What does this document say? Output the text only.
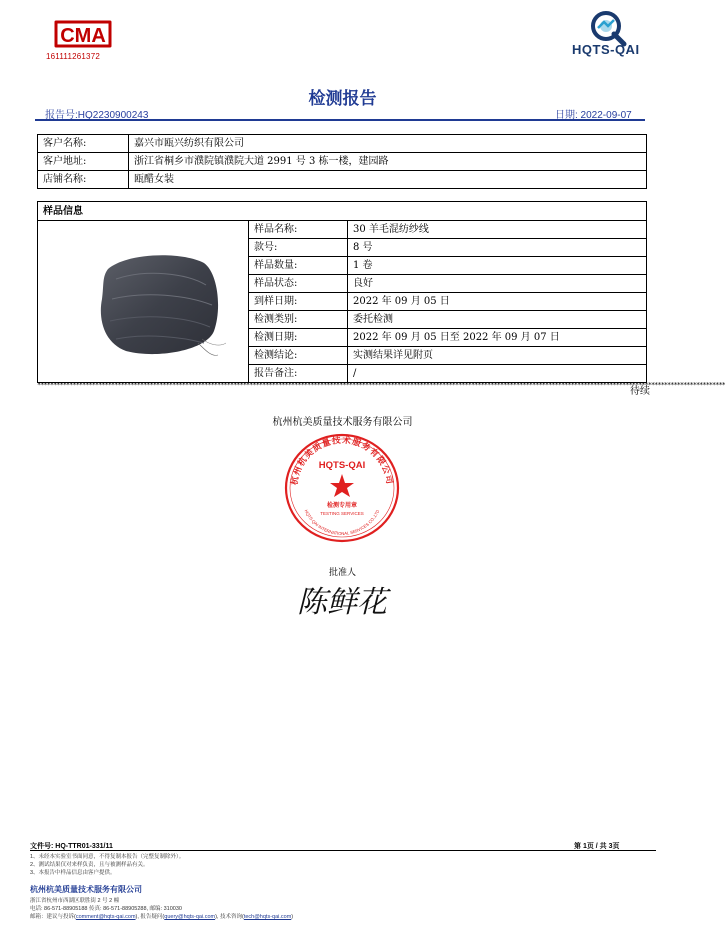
CMA
161111261372	HQTS-QAI
检测报告
报告号:HQ2230900243	日期: 2022-09-07
客户名称:	嘉兴市瓯兴纺织有限公司
客户地址:	浙江省桐乡市濮院镇濮院大道 2991 号 3 栋一楼，建园路
店铺名称:	瓯醋女装
样品信息		

	样品名称:	30 羊毛混纺纱线
	款号:	8 号
	样品数量:	1 卷
	样品状态:	良好
	到样日期:	2022 年 09 月 05 日
	检测类别:	委托检测
	检测日期:	2022 年 09 月 05 日至 2022 年 09 月 07 日
	检测结论:	实测结果详见附页
	报告备注:	/
**********************************************************************************************************************************************************************************************************************
待续
杭州杭美质量技术服务有限公司
杭州杭美质量技术服务有限公司
HQTS-QAI INTERNATIONAL SERVICES CO.,LTD
HQTS-QAI
检测专用章
TESTING SERVICES
批准人
陈鲜花
文件号: HQ-TTR01-331/11	第 1页 / 共 3页
1、未经本实验室书面同意，不得复制本报告（完整复制除外）。
2、测试结果仅对来样负责，且与被测样品有关。
3、本报告中样品信息由客户提供。
杭州杭美质量技术服务有限公司
浙江省杭州市西湖区联胜街 2 号 2 幢
电话: 86-571-88905188 传真: 86-571-88905288, 邮编: 310030
邮箱：建议与投诉(comment@hqts-qai.com), 报告疑问(query@hqts-qai.com), 技术咨询(tech@hqts-qai.com)
